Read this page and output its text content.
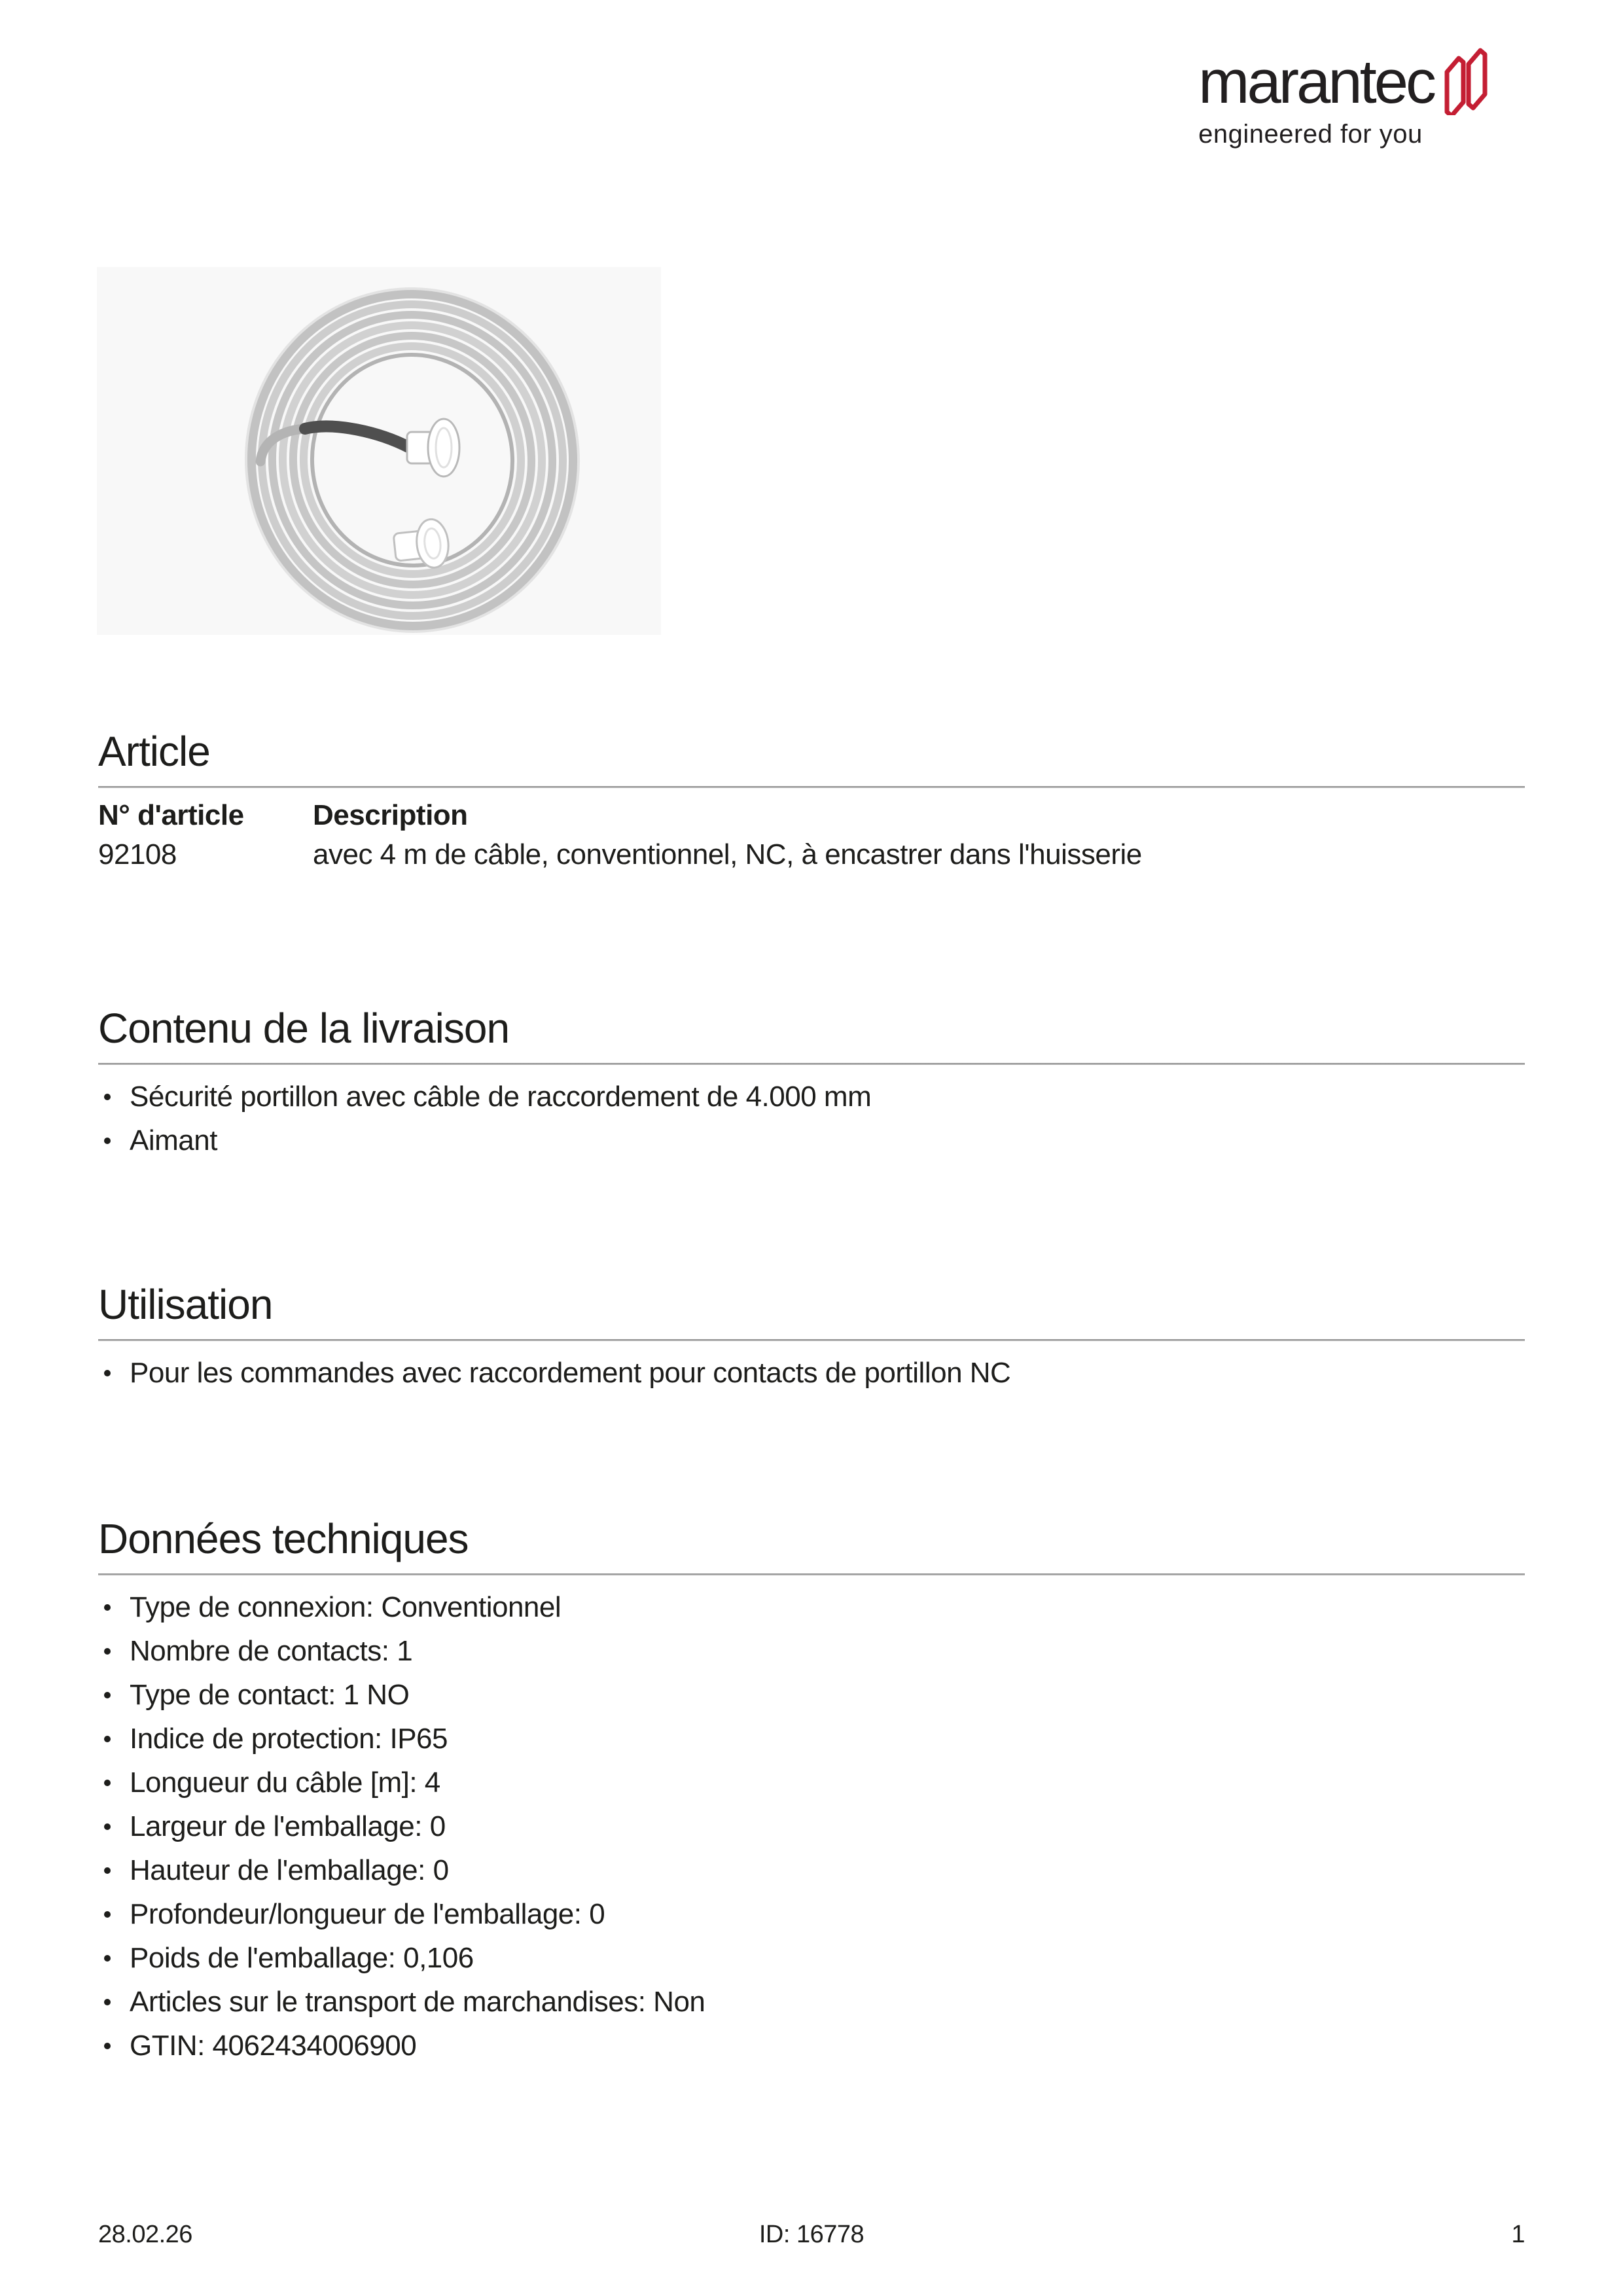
marantec
engineered for you
Article
N° d'article	Description
92108	avec 4 m de câble, conventionnel, NC, à encastrer dans l'huisserie
Contenu de la livraison
Sécurité portillon avec câble de raccordement de 4.000 mm
Aimant
Utilisation
Pour les commandes avec raccordement pour contacts de portillon NC
Données techniques
Type de connexion: Conventionnel
Nombre de contacts: 1
Type de contact: 1 NO
Indice de protection: IP65
Longueur du câble [m]: 4
Largeur de l'emballage: 0
Hauteur de l'emballage: 0
Profondeur/longueur de l'emballage: 0
Poids de l'emballage: 0,106
Articles sur le transport de marchandises: Non
GTIN: 4062434006900
28.02.26	ID: 16778	1
